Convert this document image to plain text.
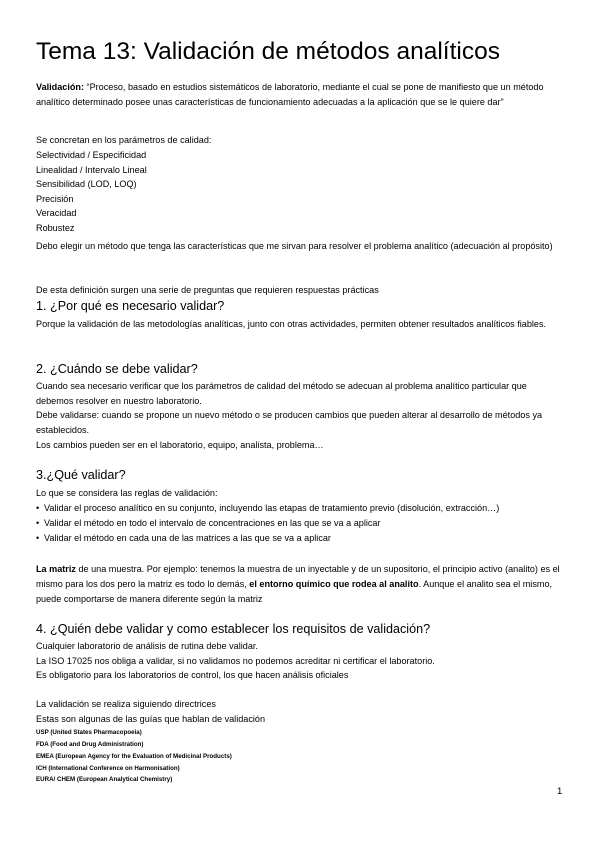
Tema 13: Validación de métodos analíticos
Validación: “Proceso, basado en estudios sistemáticos de laboratorio, mediante el cual se pone de manifiesto que un método analítico determinado posee unas características de funcionamiento adecuadas a la aplicación que se le quiere dar”
Se concretan en los parámetros de calidad:
Selectividad / Especificidad
Linealidad / Intervalo Lineal
Sensibilidad (LOD, LOQ)
Precisión
Veracidad
Robustez
Debo elegir un método que tenga las características que me sirvan para resolver el problema analítico (adecuación al propósito)
De esta definición surgen una serie de preguntas que requieren respuestas prácticas
1. ¿Por qué es necesario validar?
Porque la validación de las metodologías analíticas, junto con otras actividades, permiten obtener resultados analíticos fiables.
2. ¿Cuándo se debe validar?
Cuando sea necesario verificar que los parámetros de calidad del método se adecuan al problema analítico particular que debemos resolver en nuestro laboratorio.
Debe validarse: cuando se propone un nuevo método o se producen cambios que pueden alterar al desarrollo de métodos ya establecidos.
Los cambios pueden ser en el laboratorio, equipo, analista, problema…
3.¿Qué validar?
Lo que se considera las reglas de validación:
• Validar el proceso analítico en su conjunto, incluyendo las etapas de tratamiento previo (disolución, extracción…)
• Validar el método en todo el intervalo de concentraciones en las que se va a aplicar
• Validar el método en cada una de las matrices a las que se va a aplicar
La matriz de una muestra. Por ejemplo: tenemos la muestra de un inyectable y de un supositorio, el principio activo (analito) es el mismo para los dos pero la matriz es todo lo demás, el entorno químico que rodea al analito. Aunque el analito sea el mismo, puede comportarse de manera diferente según la matriz
4. ¿Quién debe validar y como establecer los requisitos de validación?
Cualquier laboratorio de análisis de rutina debe validar.
La ISO 17025 nos obliga a validar, si no validamos no podemos acreditar ni certificar el laboratorio.
Es obligatorio para los laboratorios de control, los que hacen análisis oficiales
La validación se realiza siguiendo directrices
Estas son algunas de las guías que hablan de validación
USP (United States Pharmacopoeia)
FDA (Food and Drug Administration)
EMEA (European Agency for the Evaluation of Medicinal Products)
ICH (International Conference on Harmonisation)
EURA/ CHEM (European Analytical Chemistry)
1
